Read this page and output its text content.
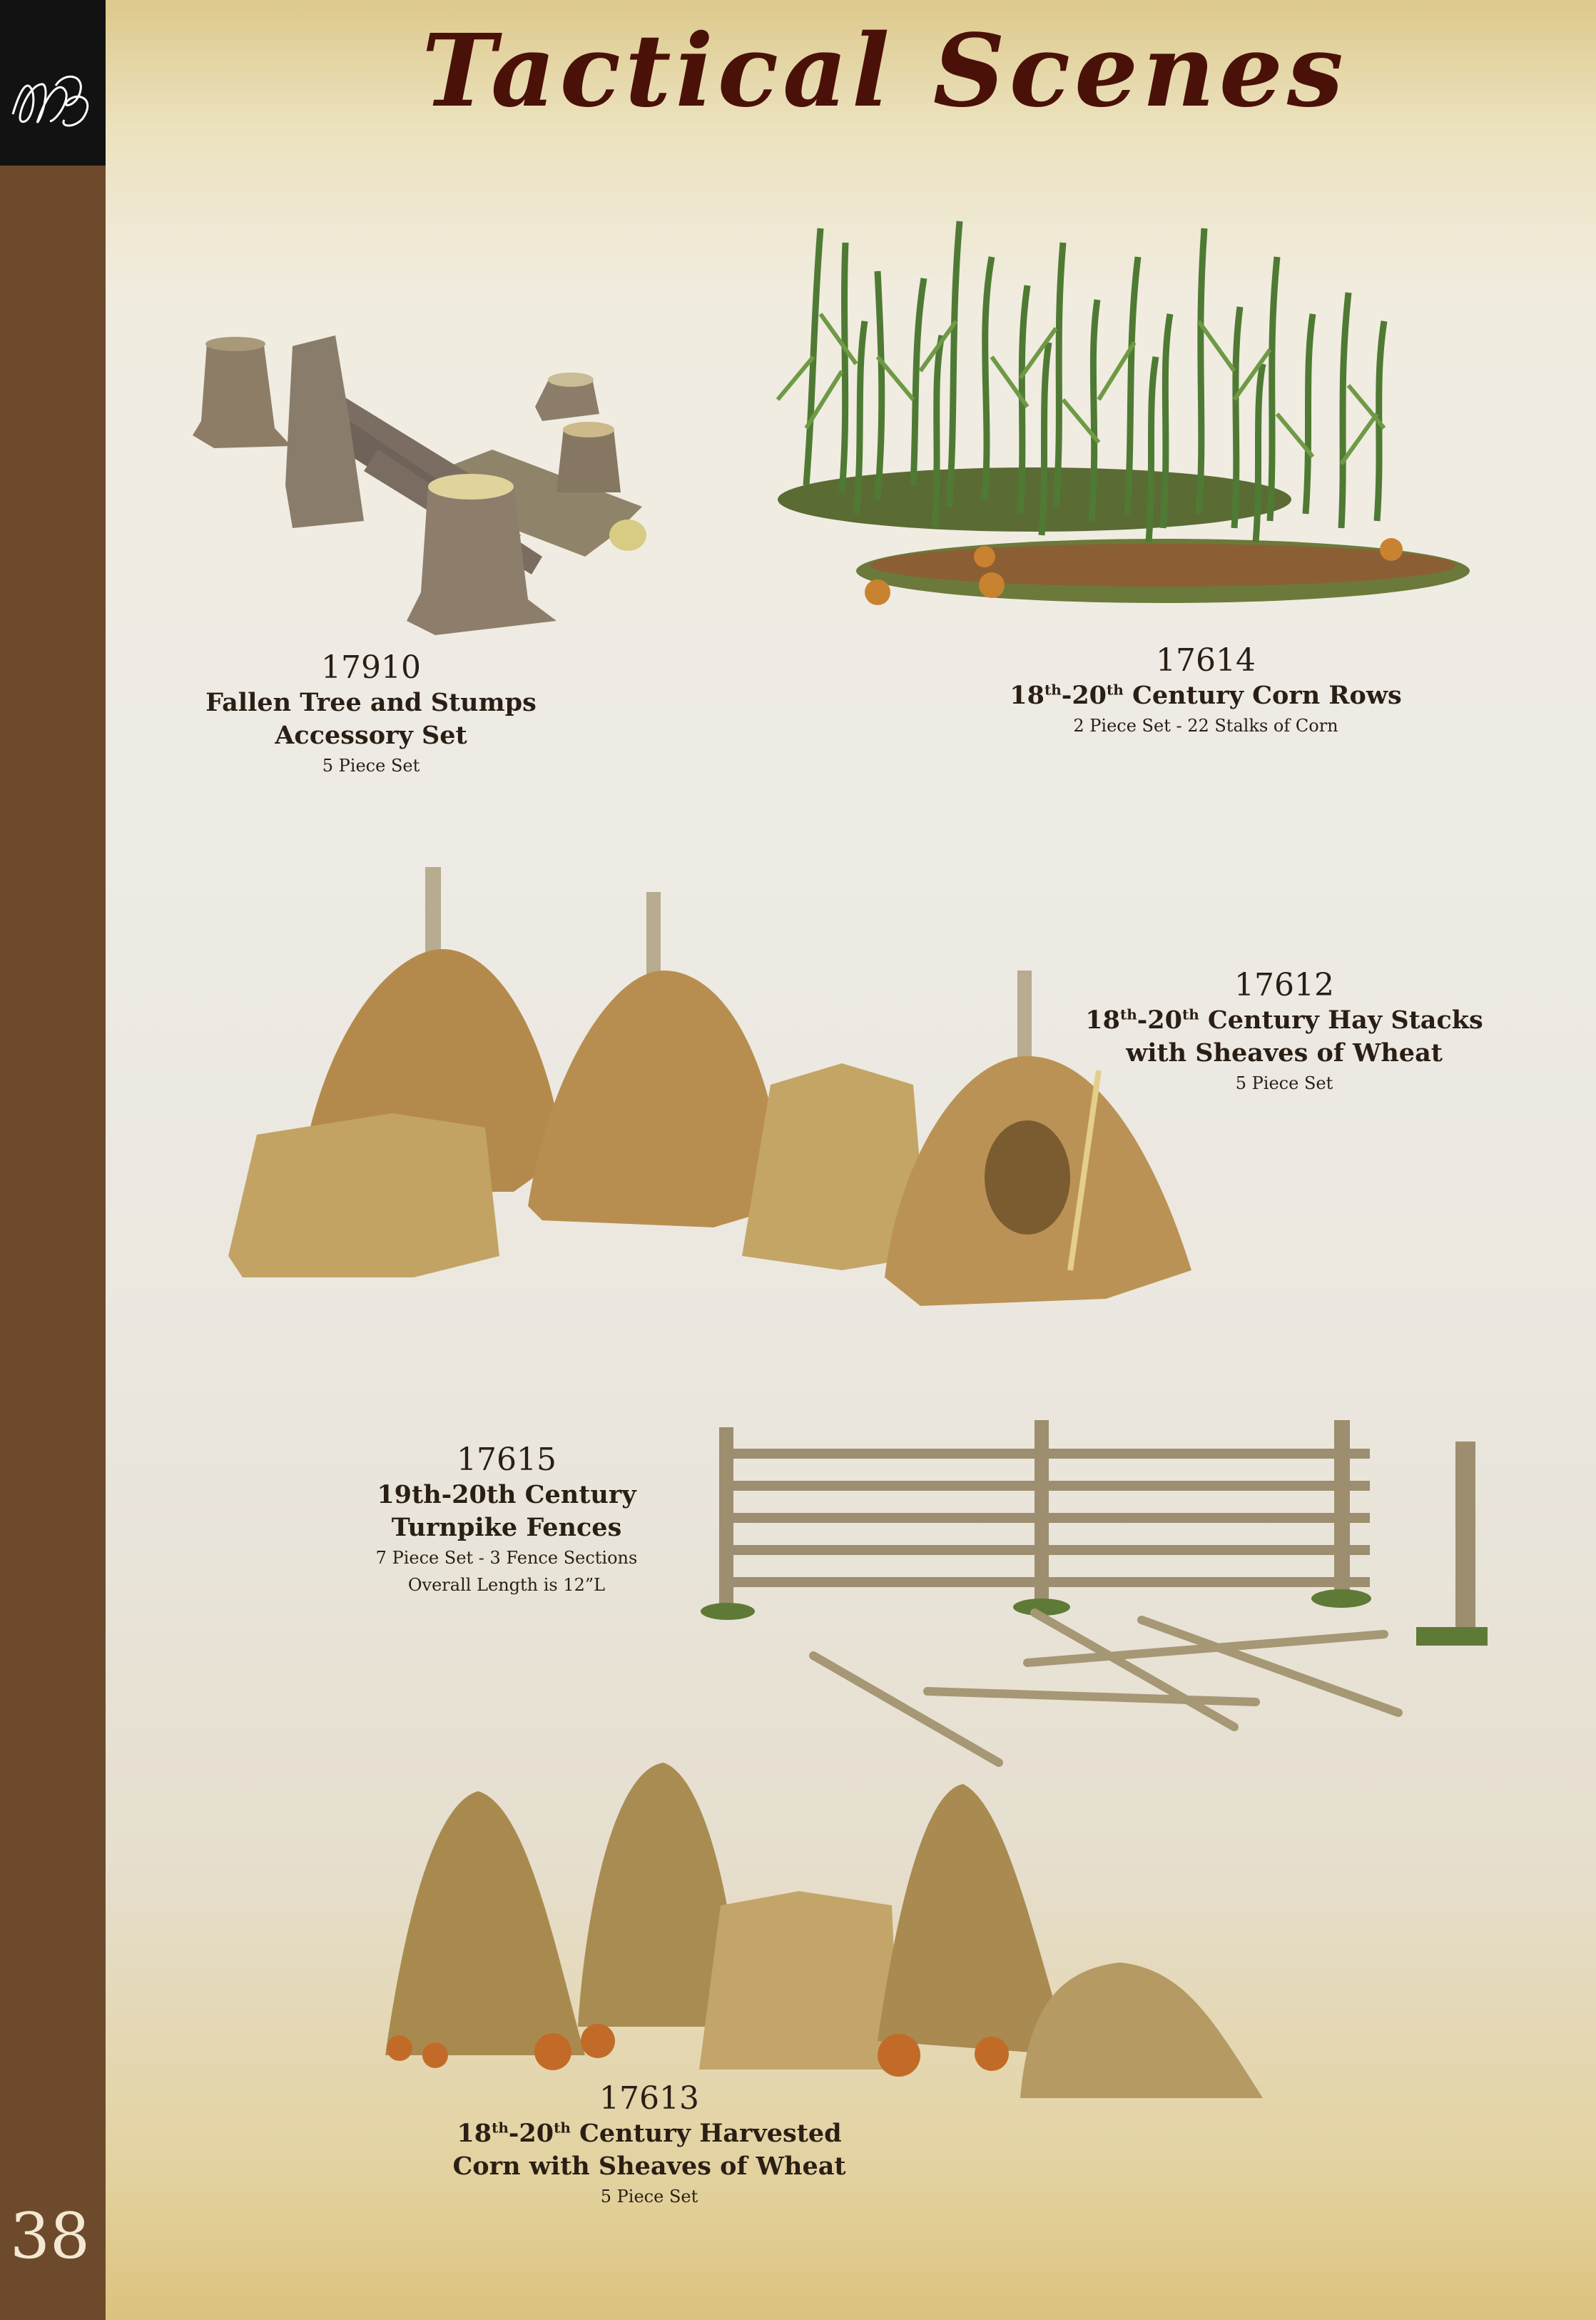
38
Tactical Scenes
17910
Fallen Tree and Stumps
Accessory Set
5 Piece Set
17614
18th-20th Century Corn Rows
2 Piece Set - 22 Stalks of Corn
17612
18th-20th Century Hay Stacks
with Sheaves of Wheat
5 Piece Set
17615
19th-20th Century
Turnpike Fences
7 Piece Set - 3 Fence Sections
Overall Length is 12”L
17613
18th-20th Century Harvested
Corn with Sheaves of Wheat
5 Piece Set
